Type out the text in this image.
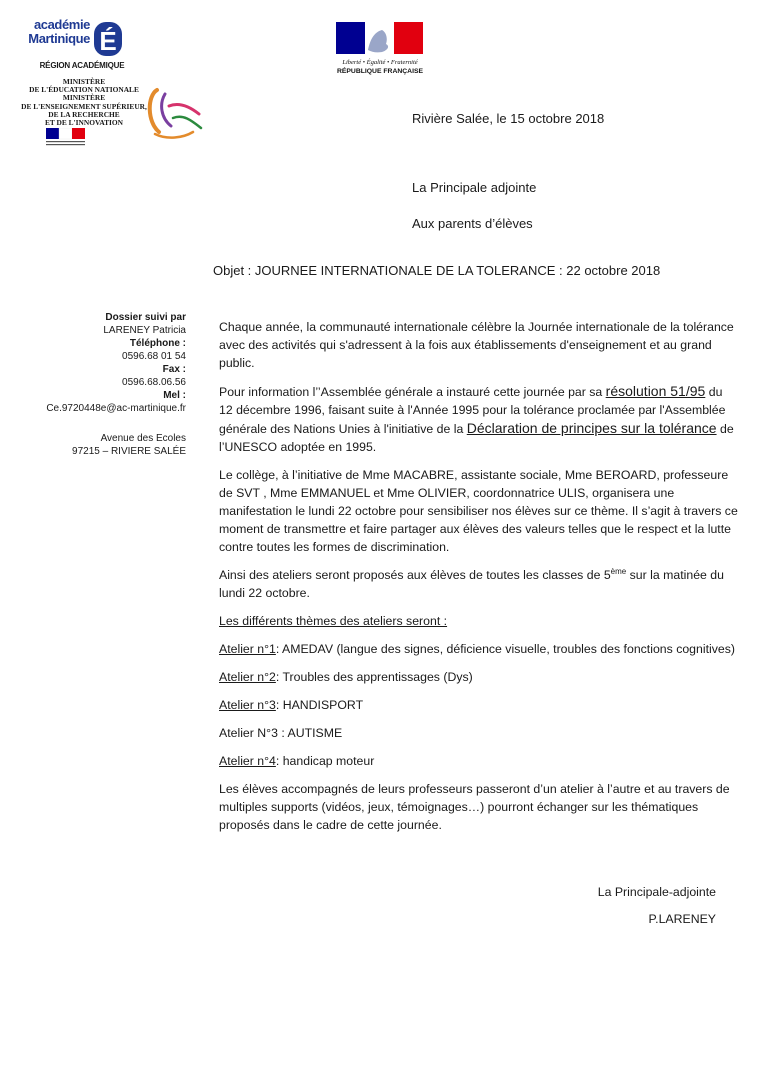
académie
Martinique É
RÉGION ACADÉMIQUE
MINISTÈRE
DE L'ÉDUCATION NATIONALE
MINISTÈRE
DE L'ENSEIGNEMENT SUPÉRIEUR,
DE LA RECHERCHE
ET DE L'INNOVATION
Liberté • Égalité • Fraternité
RÉPUBLIQUE FRANÇAISE
Rivière Salée, le 15 octobre 2018
La Principale adjointe
Aux parents d’élèves
Objet : JOURNEE INTERNATIONALE DE LA TOLERANCE : 22 octobre 2018
Dossier suivi par
LARENEY Patricia
Téléphone :
0596.68 01 54
Fax :
0596.68.06.56
Mel :
Ce.9720448e@ac-martinique.fr
Avenue des Ecoles
97215 – RIVIERE SALÉE

Chaque année, la communauté internationale célèbre la Journée internationale de la tolérance avec des activités qui s'adressent à la fois aux établissements d'enseignement et au grand public.

Pour information l’’Assemblée générale a instauré cette journée par sa résolution 51/95 du 12 décembre 1996, faisant suite à l'Année 1995 pour la tolérance proclamée par l'Assemblée générale des Nations Unies à l'initiative de la Déclaration de principes sur la tolérance de l’UNESCO adoptée en 1995.

Le collège, à l’initiative de Mme MACABRE, assistante sociale, Mme BEROARD, professeure de SVT , Mme EMMANUEL et Mme OLIVIER, coordonnatrice ULIS, organisera une manifestation le lundi 22 octobre pour sensibiliser nos élèves sur ce thème. Il s’agit à travers ce moment de transmettre et faire partager aux élèves des valeurs telles que le respect et la lutte contre toutes les formes de discrimination.

Ainsi des ateliers seront proposés aux élèves de toutes les classes de 5ème sur la matinée du lundi 22 octobre.

Les différents thèmes des ateliers seront :

Atelier n°1: AMEDAV (langue des signes, déficience visuelle, troubles des fonctions cognitives)

Atelier n°2: Troubles des apprentissages (Dys)

Atelier n°3: HANDISPORT

Atelier N°3 : AUTISME

Atelier n°4: handicap moteur

Les élèves accompagnés de leurs professeurs passeront d’un atelier à l’autre et au travers de multiples supports (vidéos, jeux, témoignages…) pourront échanger sur les thématiques proposés dans le cadre de cette journée.

La Principale-adjointe
P.LARENEY
